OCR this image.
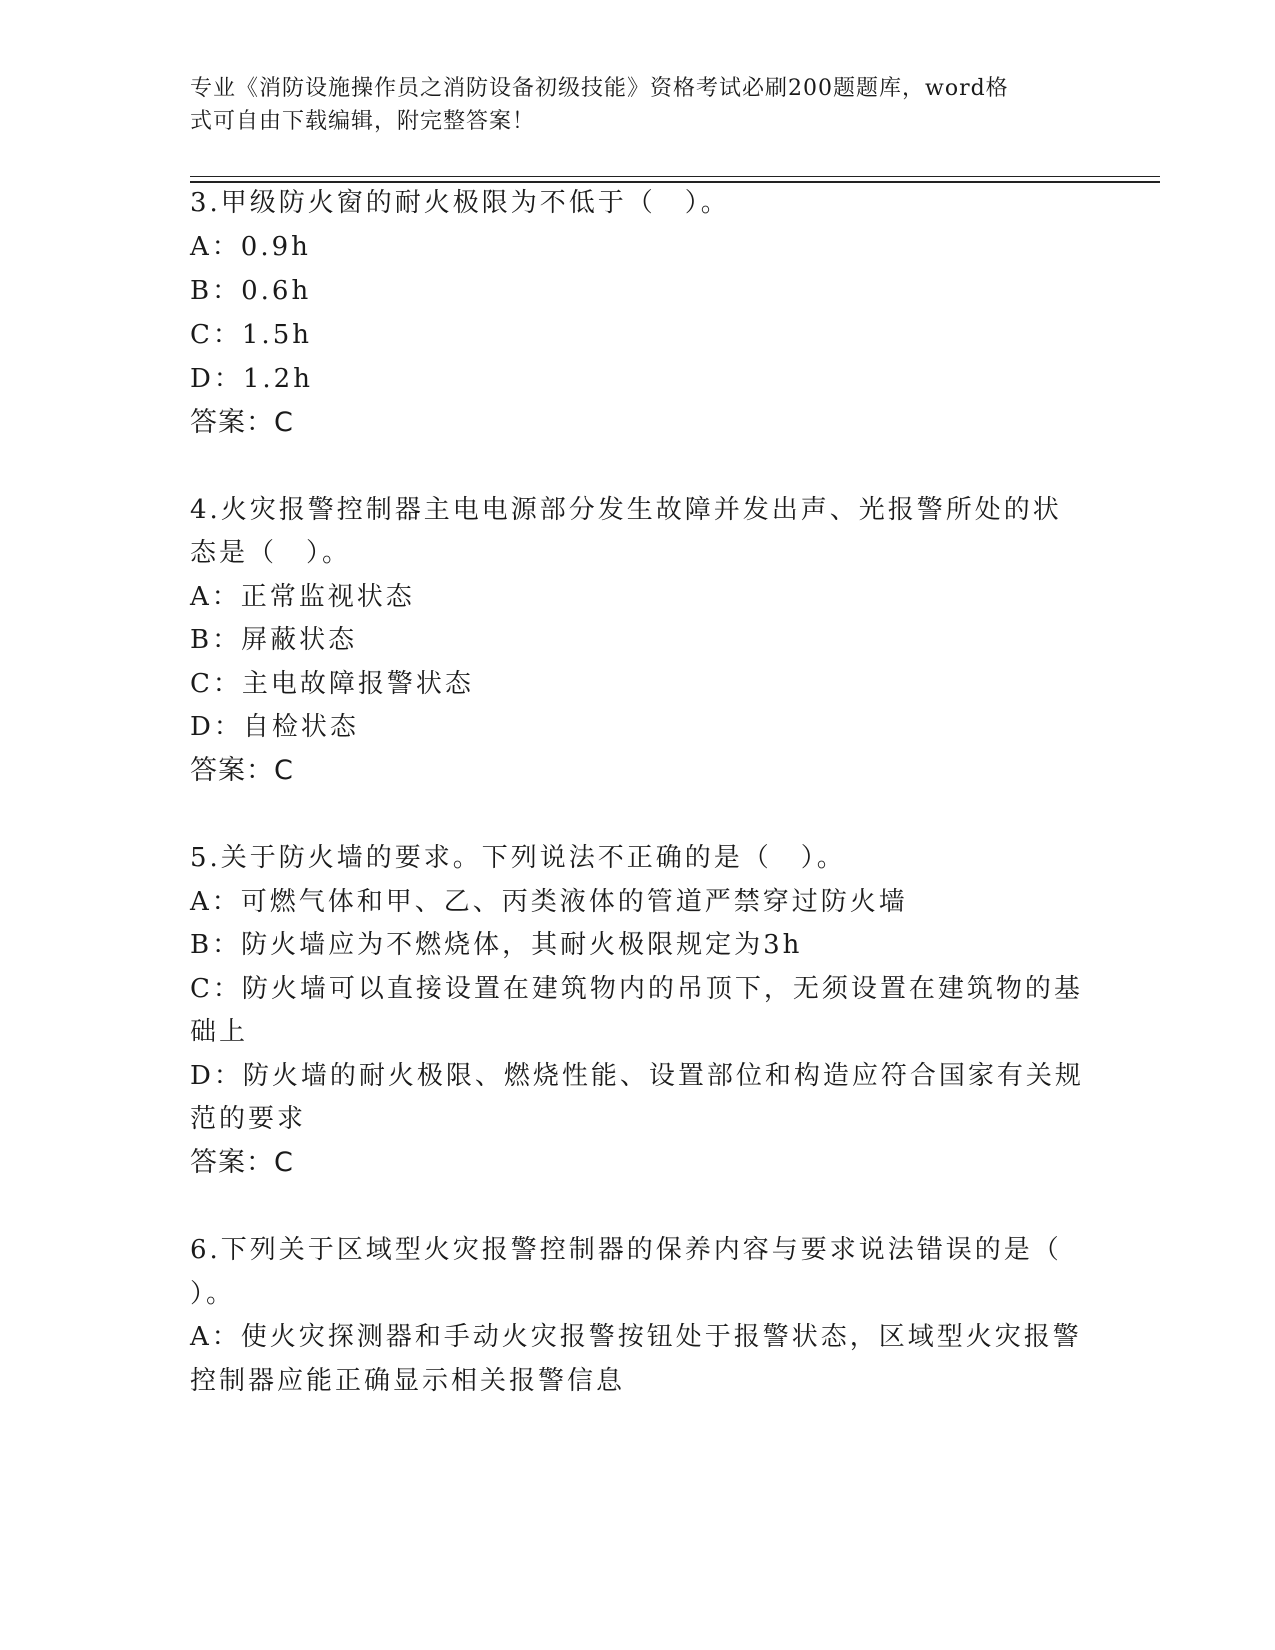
专业《消防设施操作员之消防设备初级技能》资格考试必刷200题题库，word格
式可自由下载编辑，附完整答案！
3.甲级防火窗的耐火极限为不低于（　）。
A：0.9h
B：0.6h
C：1.5h
D：1.2h
答案：C
4.火灾报警控制器主电电源部分发生故障并发出声、光报警所处的状
态是（　）。
A：正常监视状态
B：屏蔽状态
C：主电故障报警状态
D：自检状态
答案：C
5.关于防火墙的要求。下列说法不正确的是（　）。
A：可燃气体和甲、乙、丙类液体的管道严禁穿过防火墙
B：防火墙应为不燃烧体，其耐火极限规定为3h
C：防火墙可以直接设置在建筑物内的吊顶下，无须设置在建筑物的基
础上
D：防火墙的耐火极限、燃烧性能、设置部位和构造应符合国家有关规
范的要求
答案：C
6.下列关于区域型火灾报警控制器的保养内容与要求说法错误的是（
）。
A：使火灾探测器和手动火灾报警按钮处于报警状态，区域型火灾报警
控制器应能正确显示相关报警信息
